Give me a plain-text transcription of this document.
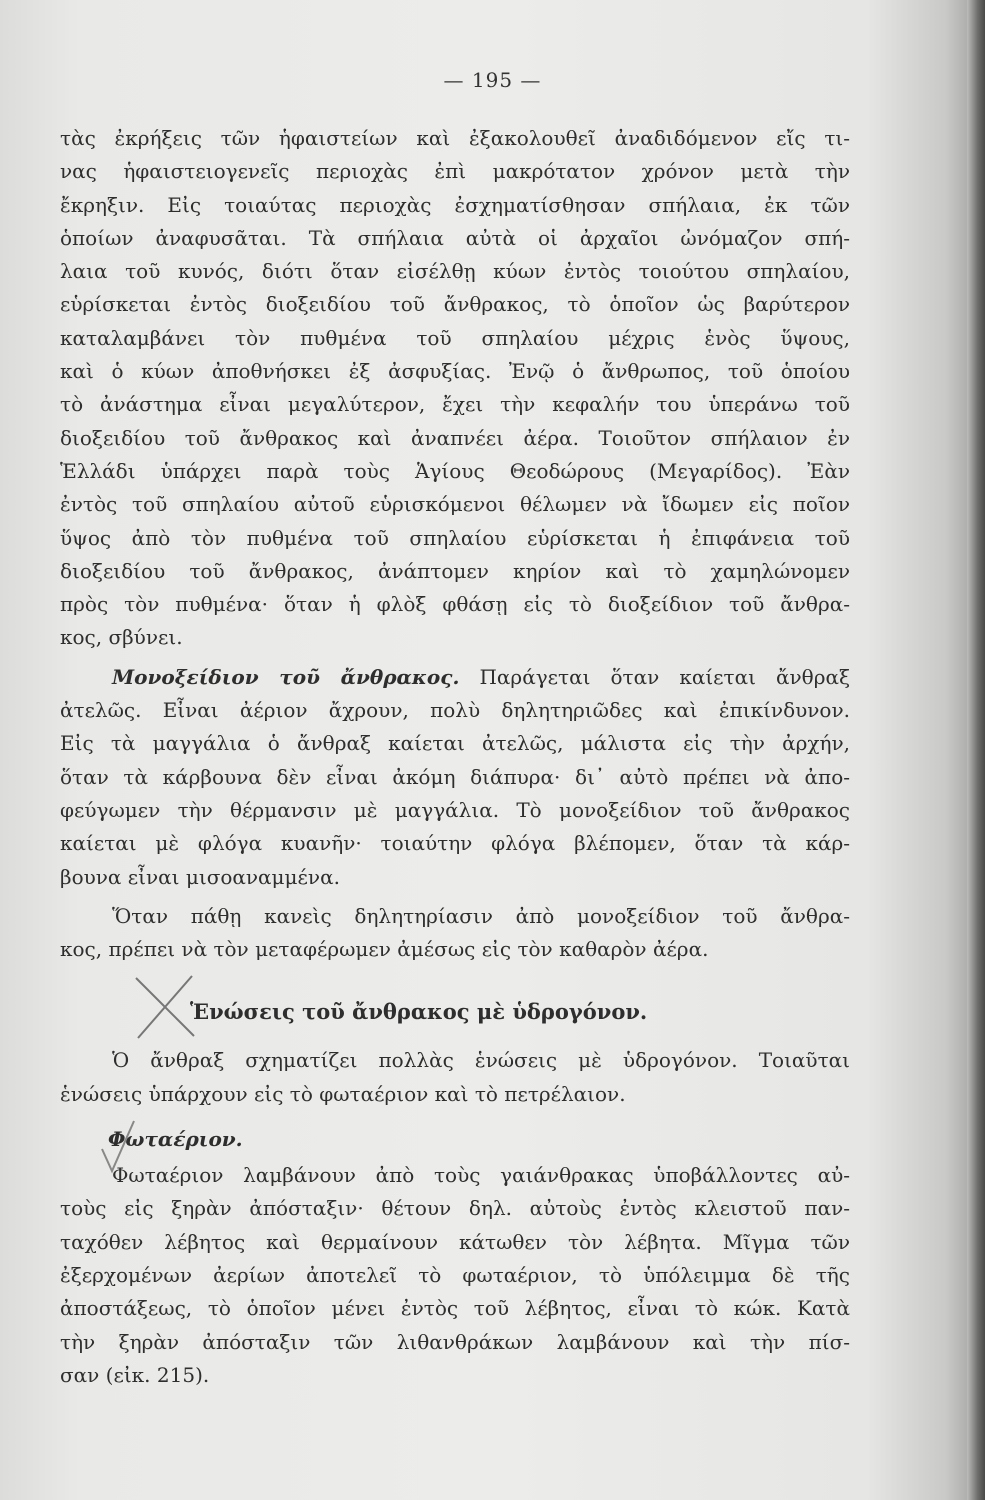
— 195 —
τὰς ἐκρήξεις τῶν ἡφαιστείων καὶ ἐξακολουθεῖ ἀναδιδόμενον εἴς τι-
νας ἡφαιστειογενεῖς περιοχὰς ἐπὶ μακρότατον χρόνον μετὰ τὴν
ἔκρηξιν. Εἰς τοιαύτας περιοχὰς ἐσχηματίσθησαν σπήλαια, ἐκ τῶν
ὁποίων ἀναφυσᾶται. Τὰ σπήλαια αὐτὰ οἱ ἀρχαῖοι ὠνόμαζον σπή-
λαια τοῦ κυνός, διότι ὅταν εἰσέλθῃ κύων ἐντὸς τοιούτου σπηλαίου,
εὑρίσκεται ἐντὸς διοξειδίου τοῦ ἄνθρακος, τὸ ὁποῖον ὡς βαρύτερον
καταλαμβάνει τὸν πυθμένα τοῦ σπηλαίου μέχρις ἑνὸς ὕψους,
καὶ ὁ κύων ἀποθνήσκει ἐξ ἀσφυξίας. Ἐνῷ ὁ ἄνθρωπος, τοῦ ὁποίου
τὸ ἀνάστημα εἶναι μεγαλύτερον, ἔχει τὴν κεφαλήν του ὑπεράνω τοῦ
διοξειδίου τοῦ ἄνθρακος καὶ ἀναπνέει ἀέρα. Τοιοῦτον σπήλαιον ἐν
Ἑλλάδι ὑπάρχει παρὰ τοὺς Ἁγίους Θεοδώρους (Μεγαρίδος). Ἐὰν
ἐντὸς τοῦ σπηλαίου αὐτοῦ εὑρισκόμενοι θέλωμεν νὰ ἴδωμεν εἰς ποῖον
ὕψος ἀπὸ τὸν πυθμένα τοῦ σπηλαίου εὑρίσκεται ἡ ἐπιφάνεια τοῦ
διοξειδίου τοῦ ἄνθρακος, ἀνάπτομεν κηρίον καὶ τὸ χαμηλώνομεν
πρὸς τὸν πυθμένα· ὅταν ἡ φλὸξ φθάσῃ εἰς τὸ διοξείδιον τοῦ ἄνθρα-
κος, σβύνει.
Μονοξείδιον τοῦ ἄνθρακος. Παράγεται ὅταν καίεται ἄνθραξ
ἀτελῶς. Εἶναι ἀέριον ἄχρουν, πολὺ δηλητηριῶδες καὶ ἐπικίνδυνον.
Εἰς τὰ μαγγάλια ὁ ἄνθραξ καίεται ἀτελῶς, μάλιστα εἰς τὴν ἀρχήν,
ὅταν τὰ κάρβουνα δὲν εἶναι ἀκόμη διάπυρα· δι᾽ αὐτὸ πρέπει νὰ ἀπο-
φεύγωμεν τὴν θέρμανσιν μὲ μαγγάλια. Τὸ μονοξείδιον τοῦ ἄνθρακος
καίεται μὲ φλόγα κυανῆν· τοιαύτην φλόγα βλέπομεν, ὅταν τὰ κάρ-
βουνα εἶναι μισοαναμμένα.
Ὅταν πάθῃ κανεὶς δηλητηρίασιν ἀπὸ μονοξείδιον τοῦ ἄνθρα-
κος, πρέπει νὰ τὸν μεταφέρωμεν ἀμέσως εἰς τὸν καθαρὸν ἀέρα.
Ἑνώσεις τοῦ ἄνθρακος μὲ ὑδρογόνον.
Ὁ ἄνθραξ σχηματίζει πολλὰς ἑνώσεις μὲ ὑδρογόνον. Τοιαῦται
ἑνώσεις ὑπάρχουν εἰς τὸ φωταέριον καὶ τὸ πετρέλαιον.
Φωταέριον.
Φωταέριον λαμβάνουν ἀπὸ τοὺς γαιάνθρακας ὑποβάλλοντες αὐ-
τοὺς εἰς ξηρὰν ἀπόσταξιν· θέτουν δηλ. αὐτοὺς ἐντὸς κλειστοῦ παν-
ταχόθεν λέβητος καὶ θερμαίνουν κάτωθεν τὸν λέβητα. Μῖγμα τῶν
ἐξερχομένων ἀερίων ἀποτελεῖ τὸ φωταέριον, τὸ ὑπόλειμμα δὲ τῆς
ἀποστάξεως, τὸ ὁποῖον μένει ἐντὸς τοῦ λέβητος, εἶναι τὸ κώκ. Κατὰ
τὴν ξηρὰν ἀπόσταξιν τῶν λιθανθράκων λαμβάνουν καὶ τὴν πίσ-
σαν (εἰκ. 215).
